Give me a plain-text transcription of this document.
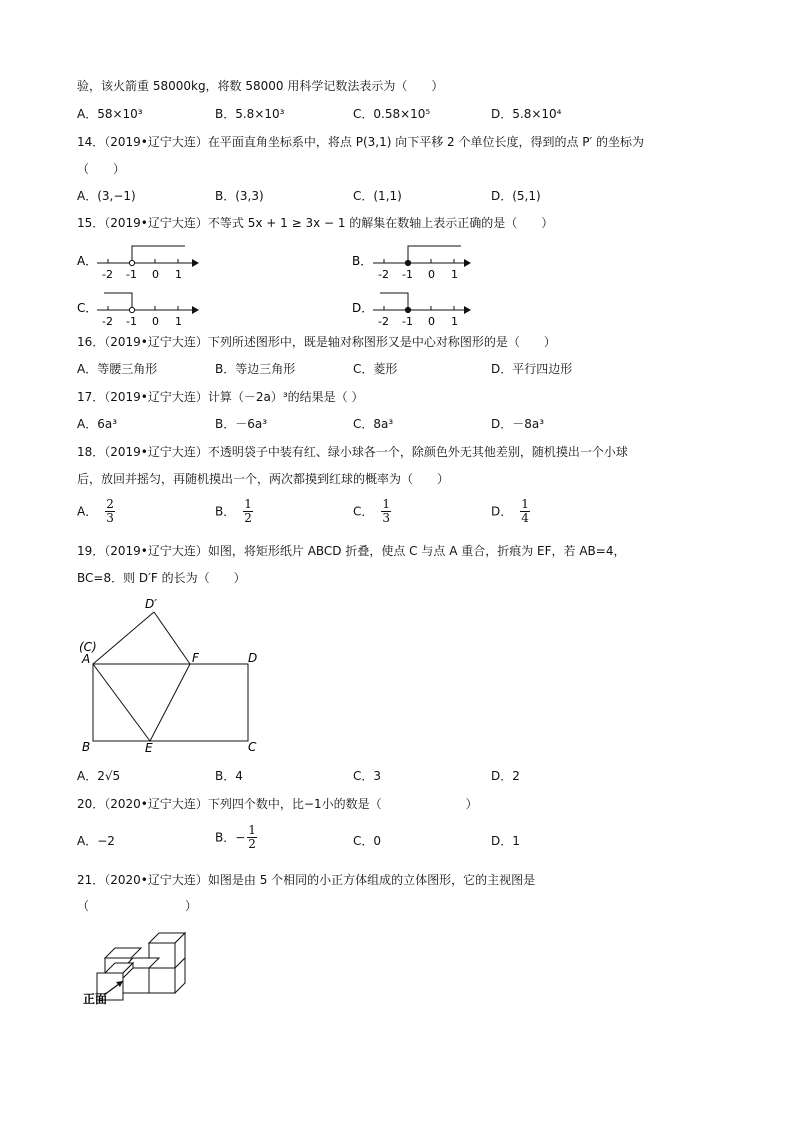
验，该火箭重 58000kg，将数 58000 用科学记数法表示为（　　）
A．58×10³	B．5.8×10³	C．0.58×10⁵	D．5.8×10⁴
14．（2019•辽宁大连）在平面直角坐标系中，将点 P(3,1) 向下平移 2 个单位长度，得到的点 P′ 的坐标为
（　　）
A．(3,−1)	B．(3,3)	C．(1,1)	D．(5,1)
15．（2019•辽宁大连）不等式 5x + 1 ≥ 3x − 1 的解集在数轴上表示正确的是（　　）
A．
-2 -1 0 1
B．
-2 -1 0 1
C．
-2 -1 0 1
D．
-2 -1 0 1
16．（2019•辽宁大连）下列所述图形中，既是轴对称图形又是中心对称图形的是（　　）
A．等腰三角形	B．等边三角形	C．菱形	D．平行四边形
17．（2019•辽宁大连）计算（－2a）³的结果是（ ）
A．6a³	B．－6a³	C．8a³	D．－8a³
18．（2019•辽宁大连）不透明袋子中装有红、绿小球各一个，除颜色外无其他差别，随机摸出一个小球
后，放回并摇匀，再随机摸出一个，两次都摸到红球的概率为（　　）
A． $\frac{2}{3}$	B． $\frac{1}{2}$	C． $\frac{1}{3}$	D． $\frac{1}{4}$
19．（2019•辽宁大连）如图，将矩形纸片 ABCD 折叠，使点 C 与点 A 重合，折痕为 EF，若 AB=4，
BC=8．则 D′F 的长为（　　）
D′
(C)
A	F	D
B	E	C
A．2√5	B．4	C．3	D．2
20．（2020•辽宁大连）下列四个数中，比−1小的数是（　　　　　　　）
A．−2	B．− $\frac{1}{2}$	C．0	D．1
21．（2020•辽宁大连）如图是由 5 个相同的小正方体组成的立体图形，它的主视图是
（　　　　　　　　）
正面
